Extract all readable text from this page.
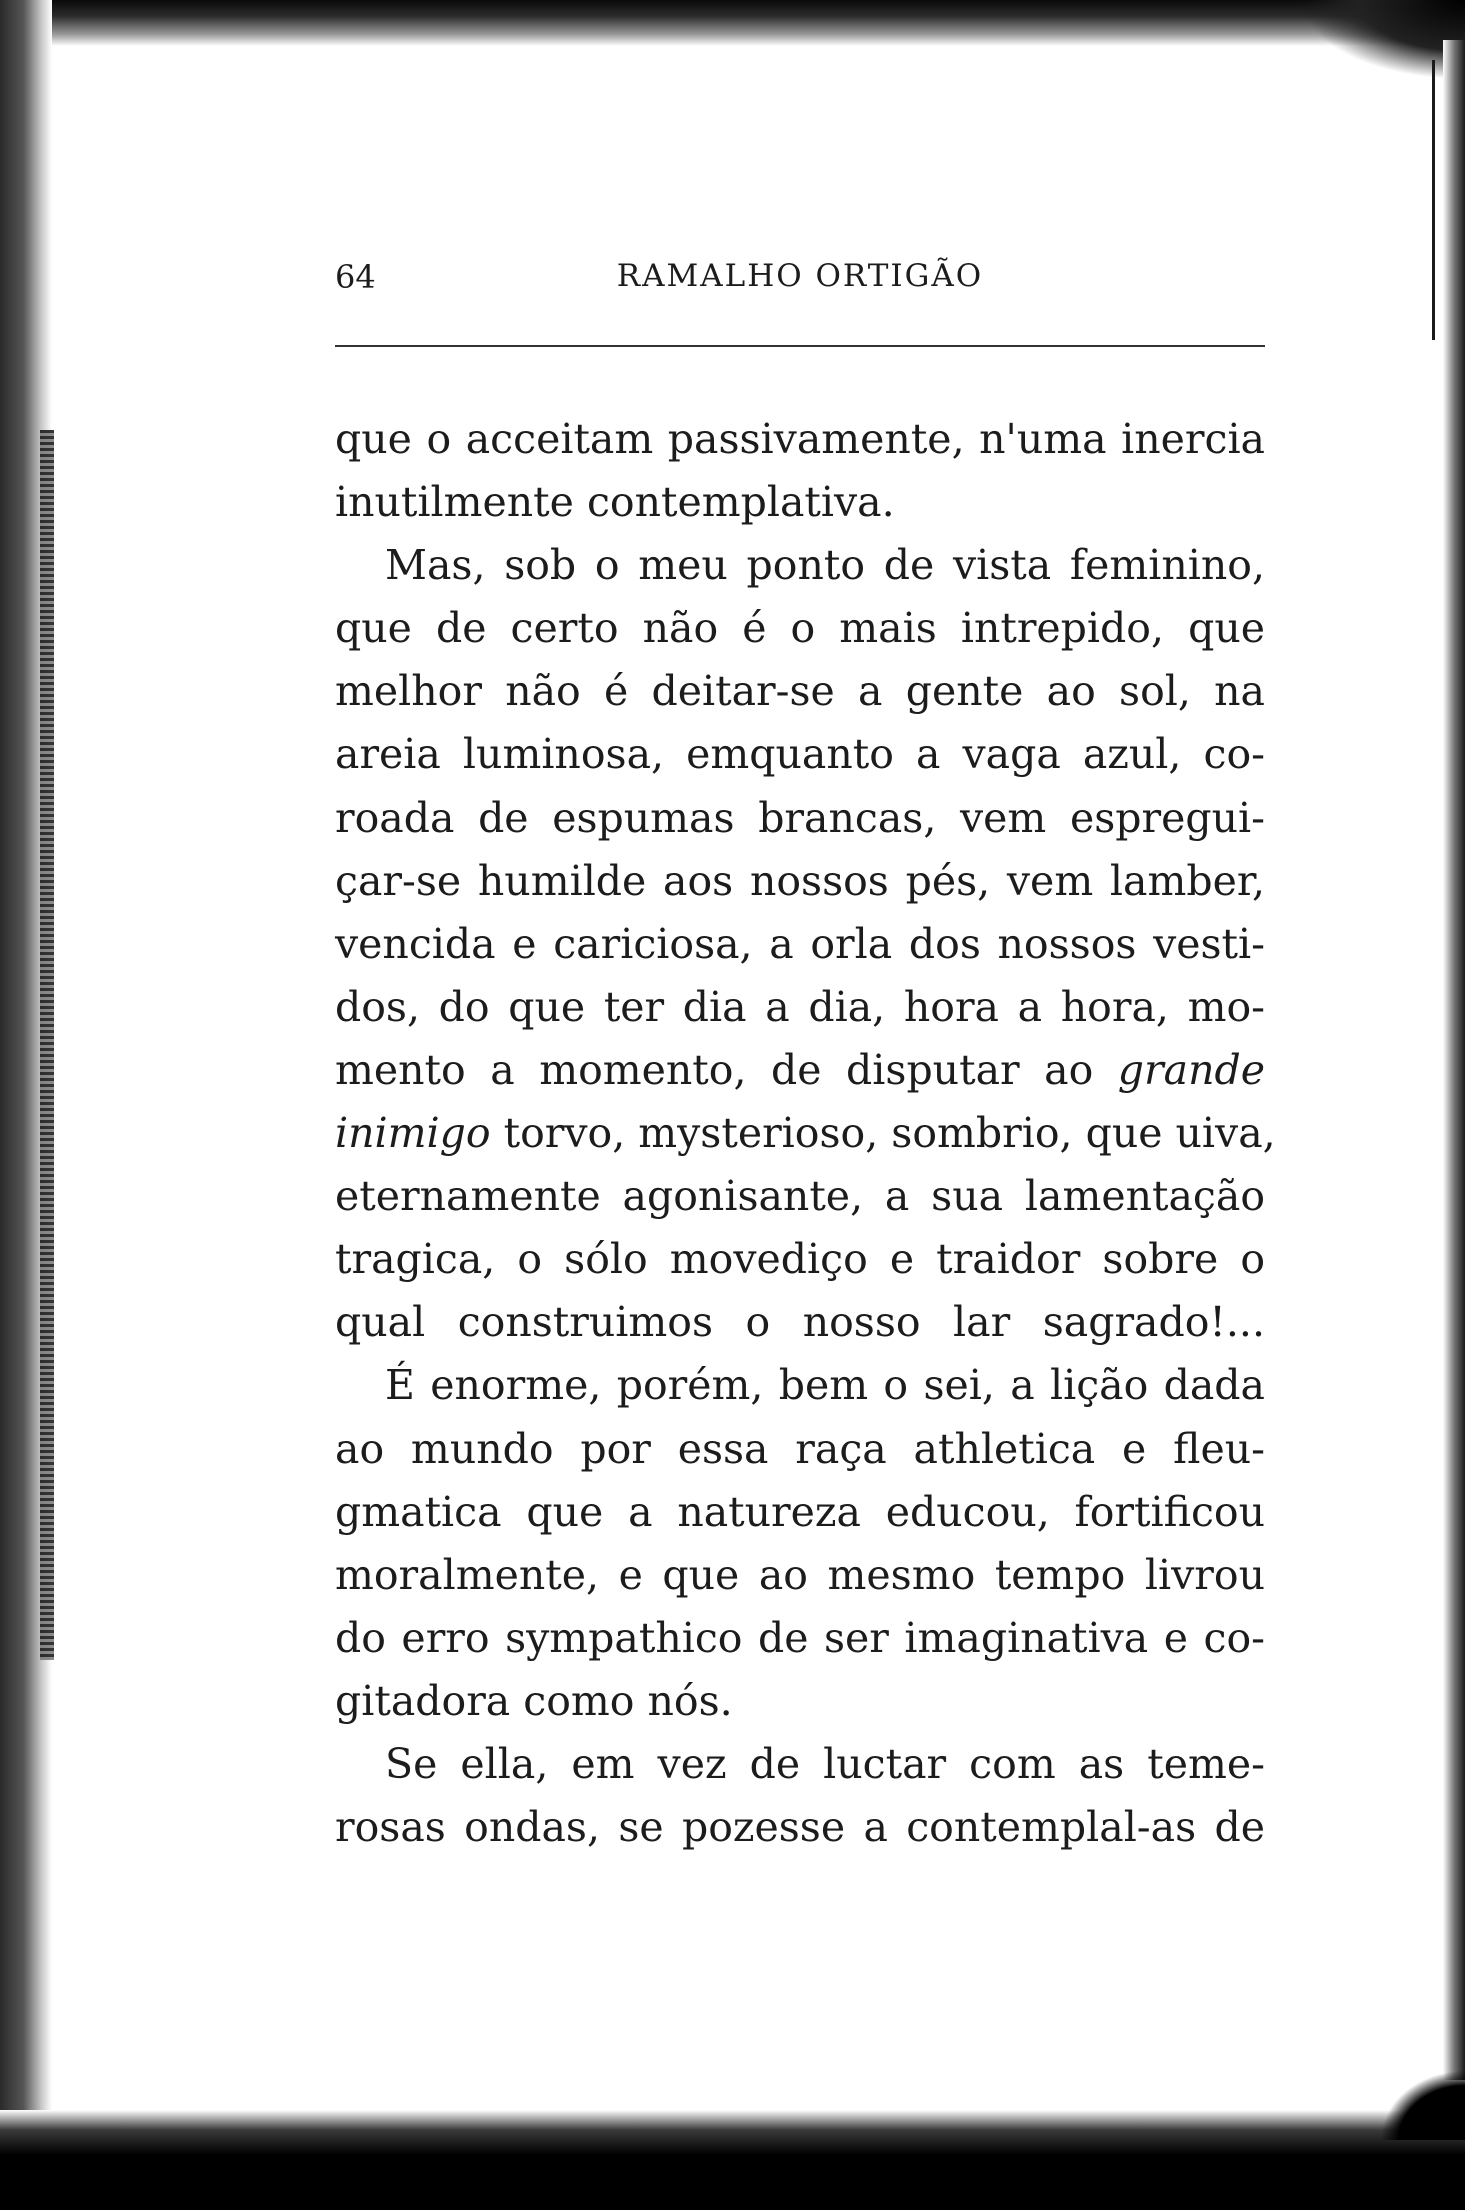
64	RAMALHO ORTIGÃO
que o acceitam passivamente, n'uma inercia
inutilmente contemplativa.
Mas, sob o meu ponto de vista feminino,
que de certo não é o mais intrepido, que
melhor não é deitar-se a gente ao sol, na
areia luminosa, emquanto a vaga azul, co-
roada de espumas brancas, vem espregui-
çar-se humilde aos nossos pés, vem lamber,
vencida e cariciosa, a orla dos nossos vesti-
dos, do que ter dia a dia, hora a hora, mo-
mento a momento, de disputar ao grande
inimigo torvo, mysterioso, sombrio, que uiva,
eternamente agonisante, a sua lamentação
tragica, o sólo movediço e traidor sobre o
qual construimos o nosso lar sagrado!...
É enorme, porém, bem o sei, a lição dada
ao mundo por essa raça athletica e fleu-
gmatica que a natureza educou, fortificou
moralmente, e que ao mesmo tempo livrou
do erro sympathico de ser imaginativa e co-
gitadora como nós.
Se ella, em vez de luctar com as teme-
rosas ondas, se pozesse a contemplal-as de
